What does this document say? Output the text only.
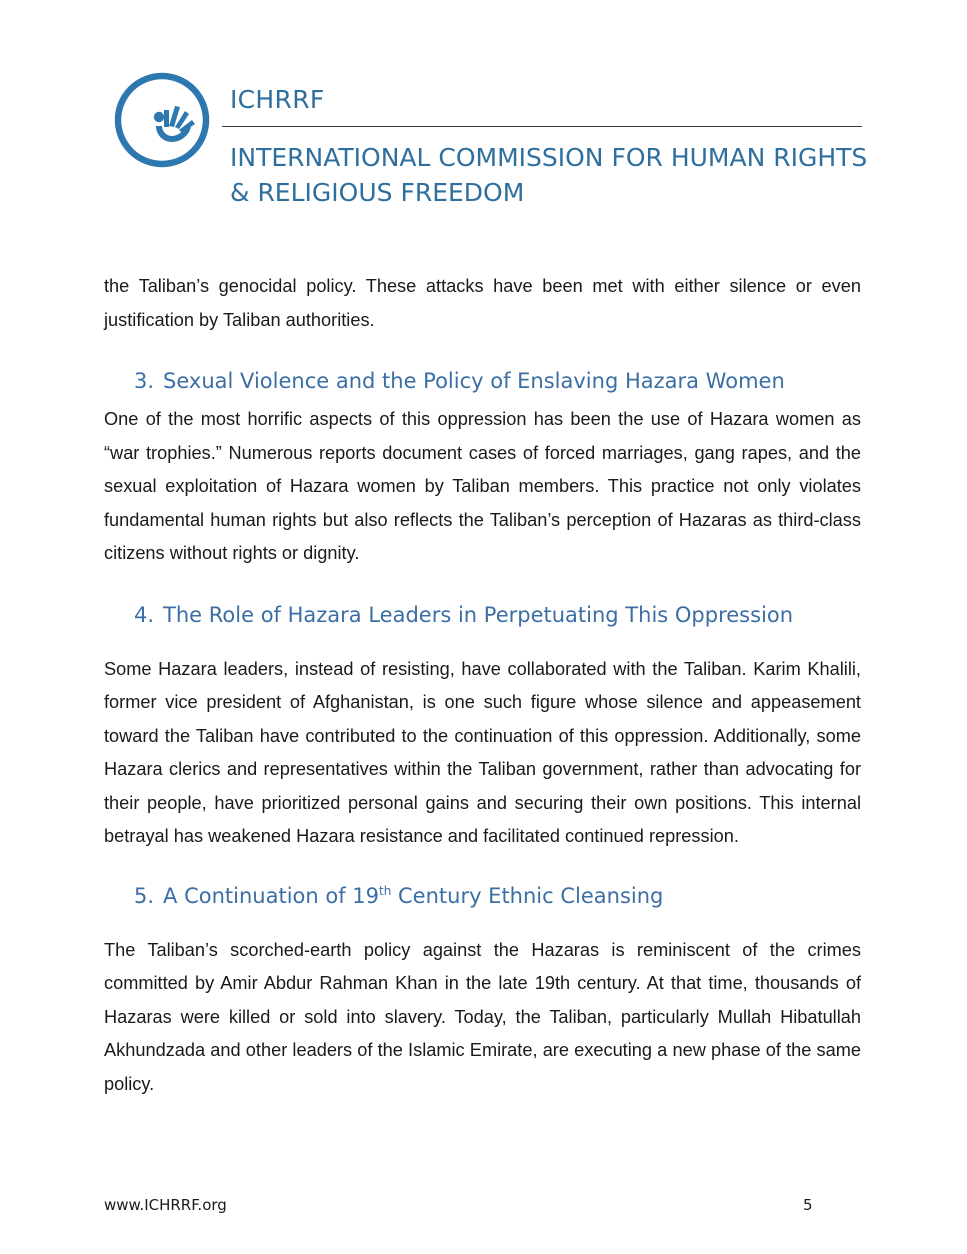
ICHRRF
INTERNATIONAL COMMISSION FOR HUMAN RIGHTS & RELIGIOUS FREEDOM

the Taliban’s genocidal policy. These attacks have been met with either silence or even justification by Taliban authorities.

3. Sexual Violence and the Policy of Enslaving Hazara Women

One of the most horrific aspects of this oppression has been the use of Hazara women as “war trophies.” Numerous reports document cases of forced marriages, gang rapes, and the sexual exploitation of Hazara women by Taliban members. This practice not only violates fundamental human rights but also reflects the Taliban’s perception of Hazaras as third-class citizens without rights or dignity.

4. The Role of Hazara Leaders in Perpetuating This Oppression

Some Hazara leaders, instead of resisting, have collaborated with the Taliban. Karim Khalili, former vice president of Afghanistan, is one such figure whose silence and appeasement toward the Taliban have contributed to the continuation of this oppression. Additionally, some Hazara clerics and representatives within the Taliban government, rather than advocating for their people, have prioritized personal gains and securing their own positions. This internal betrayal has weakened Hazara resistance and facilitated continued repression.

5. A Continuation of 19th Century Ethnic Cleansing

The Taliban’s scorched-earth policy against the Hazaras is reminiscent of the crimes committed by Amir Abdur Rahman Khan in the late 19th century. At that time, thousands of Hazaras were killed or sold into slavery. Today, the Taliban, particularly Mullah Hibatullah Akhundzada and other leaders of the Islamic Emirate, are executing a new phase of the same policy.

www.ICHRRF.org	5
